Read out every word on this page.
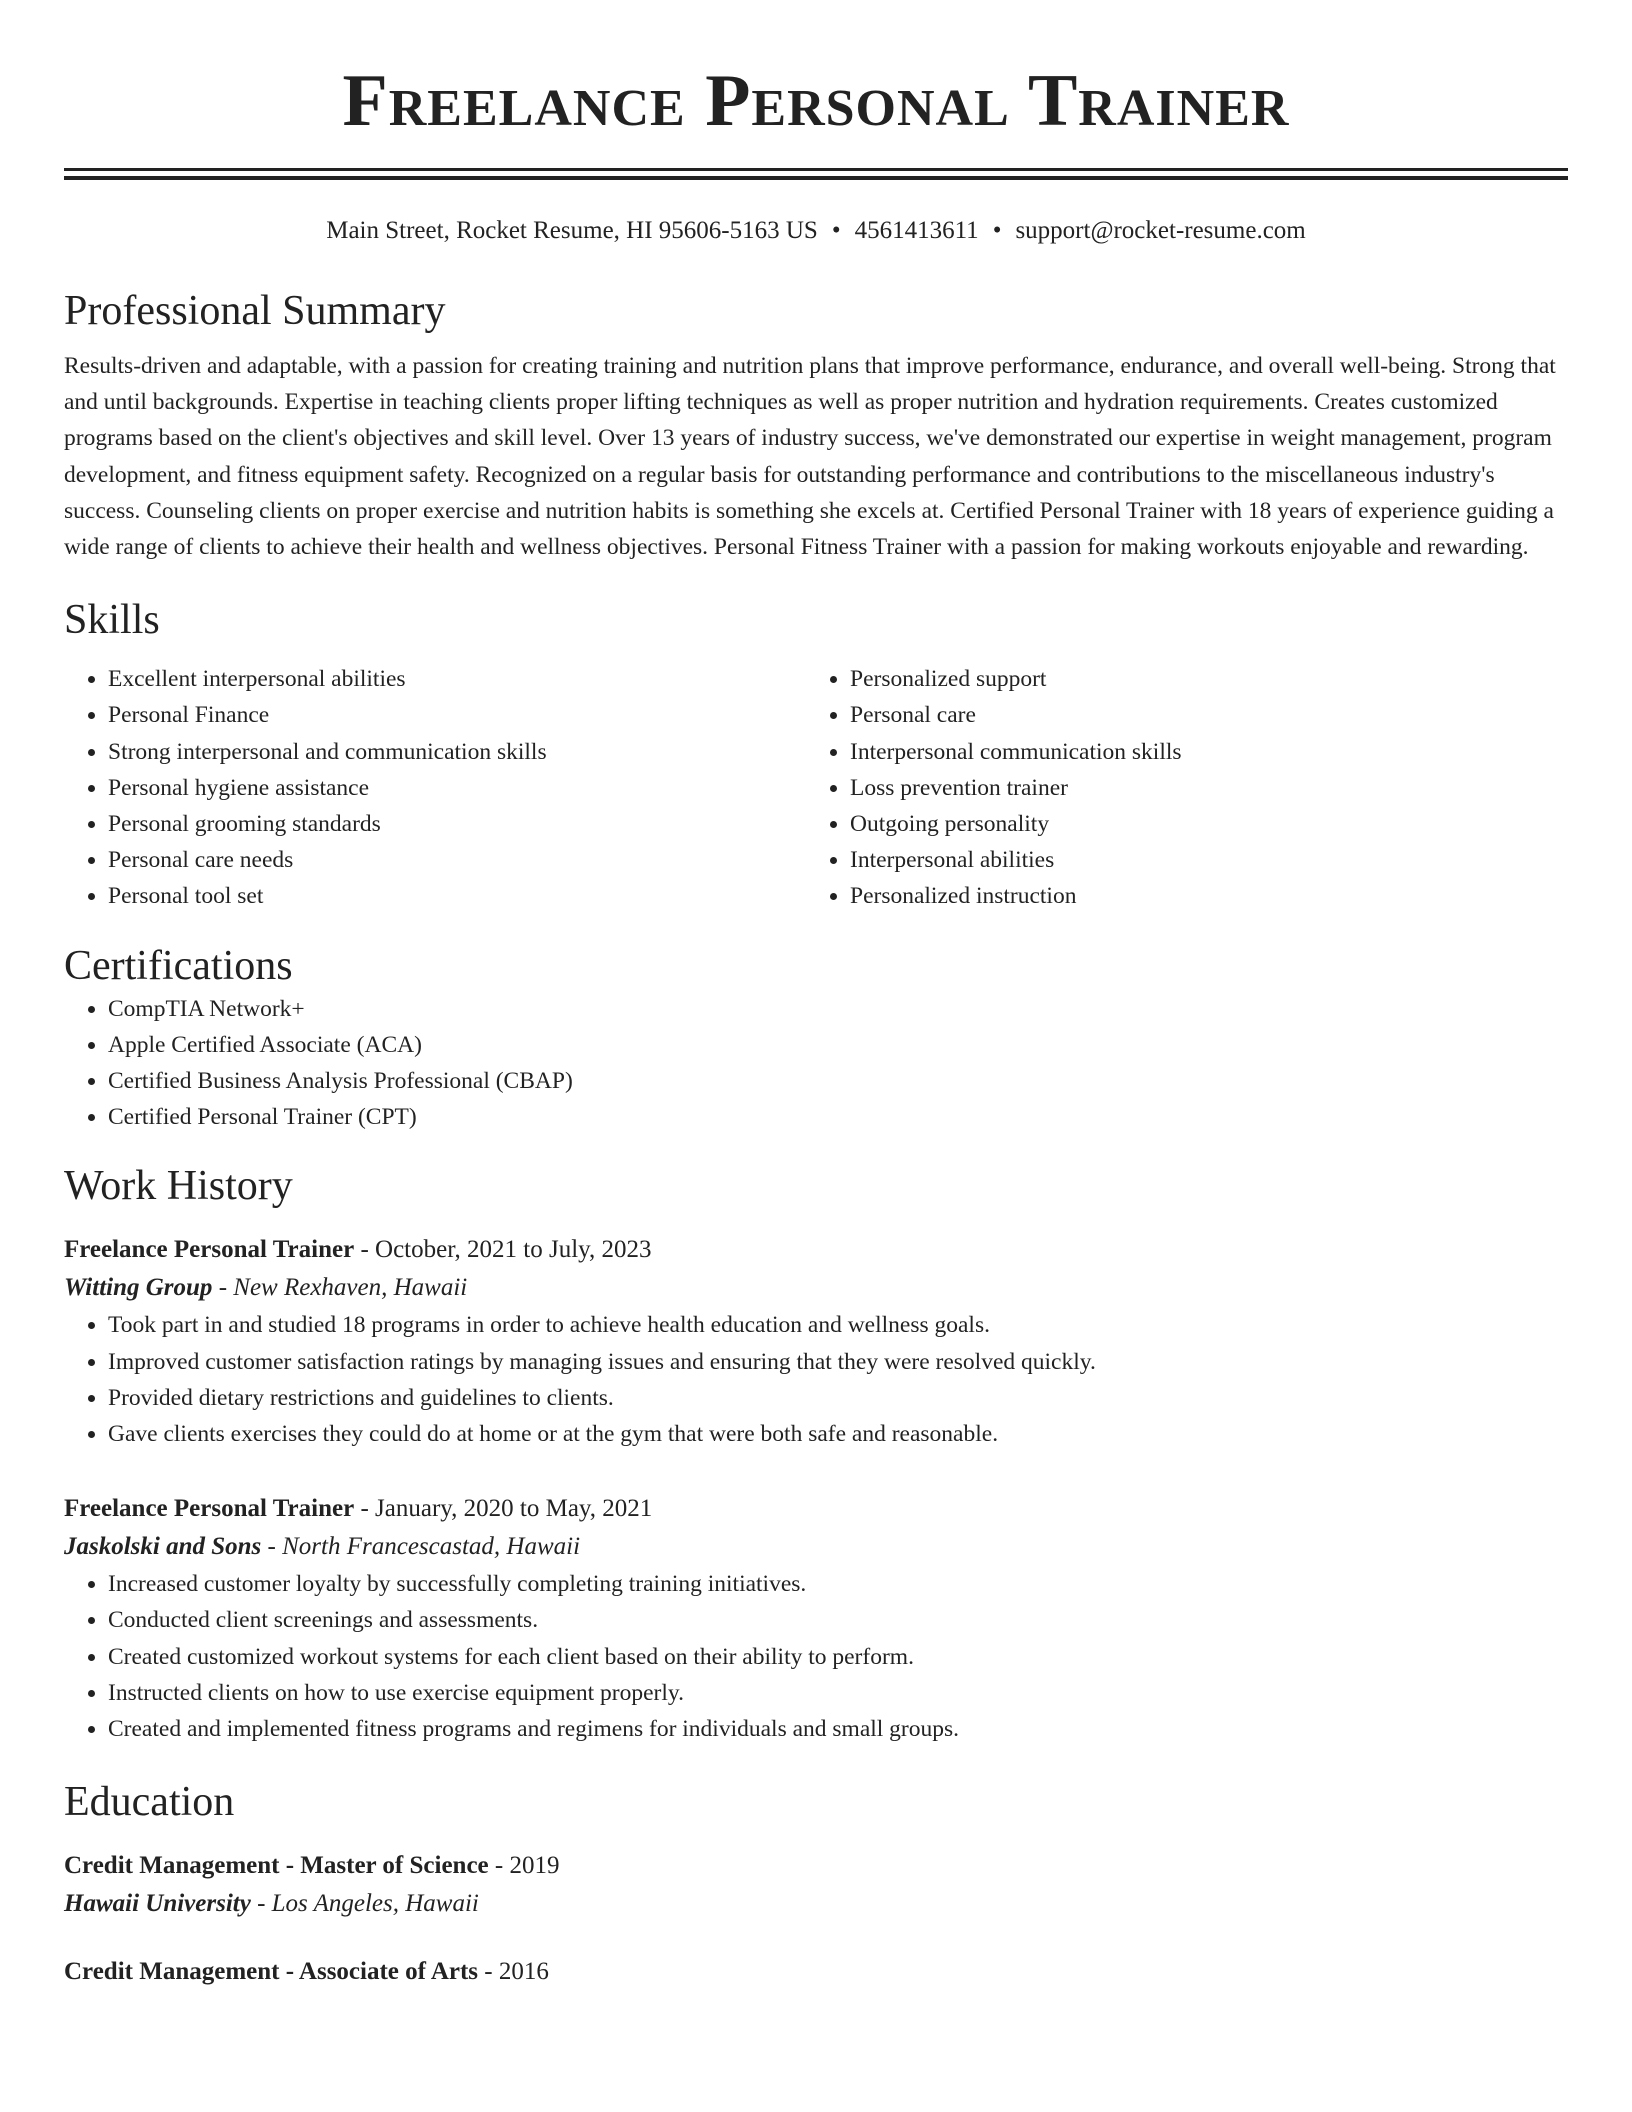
Freelance Personal Trainer
Main Street, Rocket Resume, HI 95606-5163 US • 4561413611 • support@rocket-resume.com
Professional Summary
Results-driven and adaptable, with a passion for creating training and nutrition plans that improve performance, endurance, and overall well-being. Strong that and until backgrounds. Expertise in teaching clients proper lifting techniques as well as proper nutrition and hydration requirements. Creates customized programs based on the client's objectives and skill level. Over 13 years of industry success, we've demonstrated our expertise in weight management, program development, and fitness equipment safety. Recognized on a regular basis for outstanding performance and contributions to the miscellaneous industry's success. Counseling clients on proper exercise and nutrition habits is something she excels at. Certified Personal Trainer with 18 years of experience guiding a wide range of clients to achieve their health and wellness objectives. Personal Fitness Trainer with a passion for making workouts enjoyable and rewarding.
Skills
• Excellent interpersonal abilities
• Personal Finance
• Strong interpersonal and communication skills
• Personal hygiene assistance
• Personal grooming standards
• Personal care needs
• Personal tool set
• Personalized support
• Personal care
• Interpersonal communication skills
• Loss prevention trainer
• Outgoing personality
• Interpersonal abilities
• Personalized instruction
Certifications
• CompTIA Network+
• Apple Certified Associate (ACA)
• Certified Business Analysis Professional (CBAP)
• Certified Personal Trainer (CPT)
Work History
Freelance Personal Trainer - October, 2021 to July, 2023
Witting Group - New Rexhaven, Hawaii
• Took part in and studied 18 programs in order to achieve health education and wellness goals.
• Improved customer satisfaction ratings by managing issues and ensuring that they were resolved quickly.
• Provided dietary restrictions and guidelines to clients.
• Gave clients exercises they could do at home or at the gym that were both safe and reasonable.
Freelance Personal Trainer - January, 2020 to May, 2021
Jaskolski and Sons - North Francescastad, Hawaii
• Increased customer loyalty by successfully completing training initiatives.
• Conducted client screenings and assessments.
• Created customized workout systems for each client based on their ability to perform.
• Instructed clients on how to use exercise equipment properly.
• Created and implemented fitness programs and regimens for individuals and small groups.
Education
Credit Management - Master of Science - 2019
Hawaii University - Los Angeles, Hawaii
Credit Management - Associate of Arts - 2016
